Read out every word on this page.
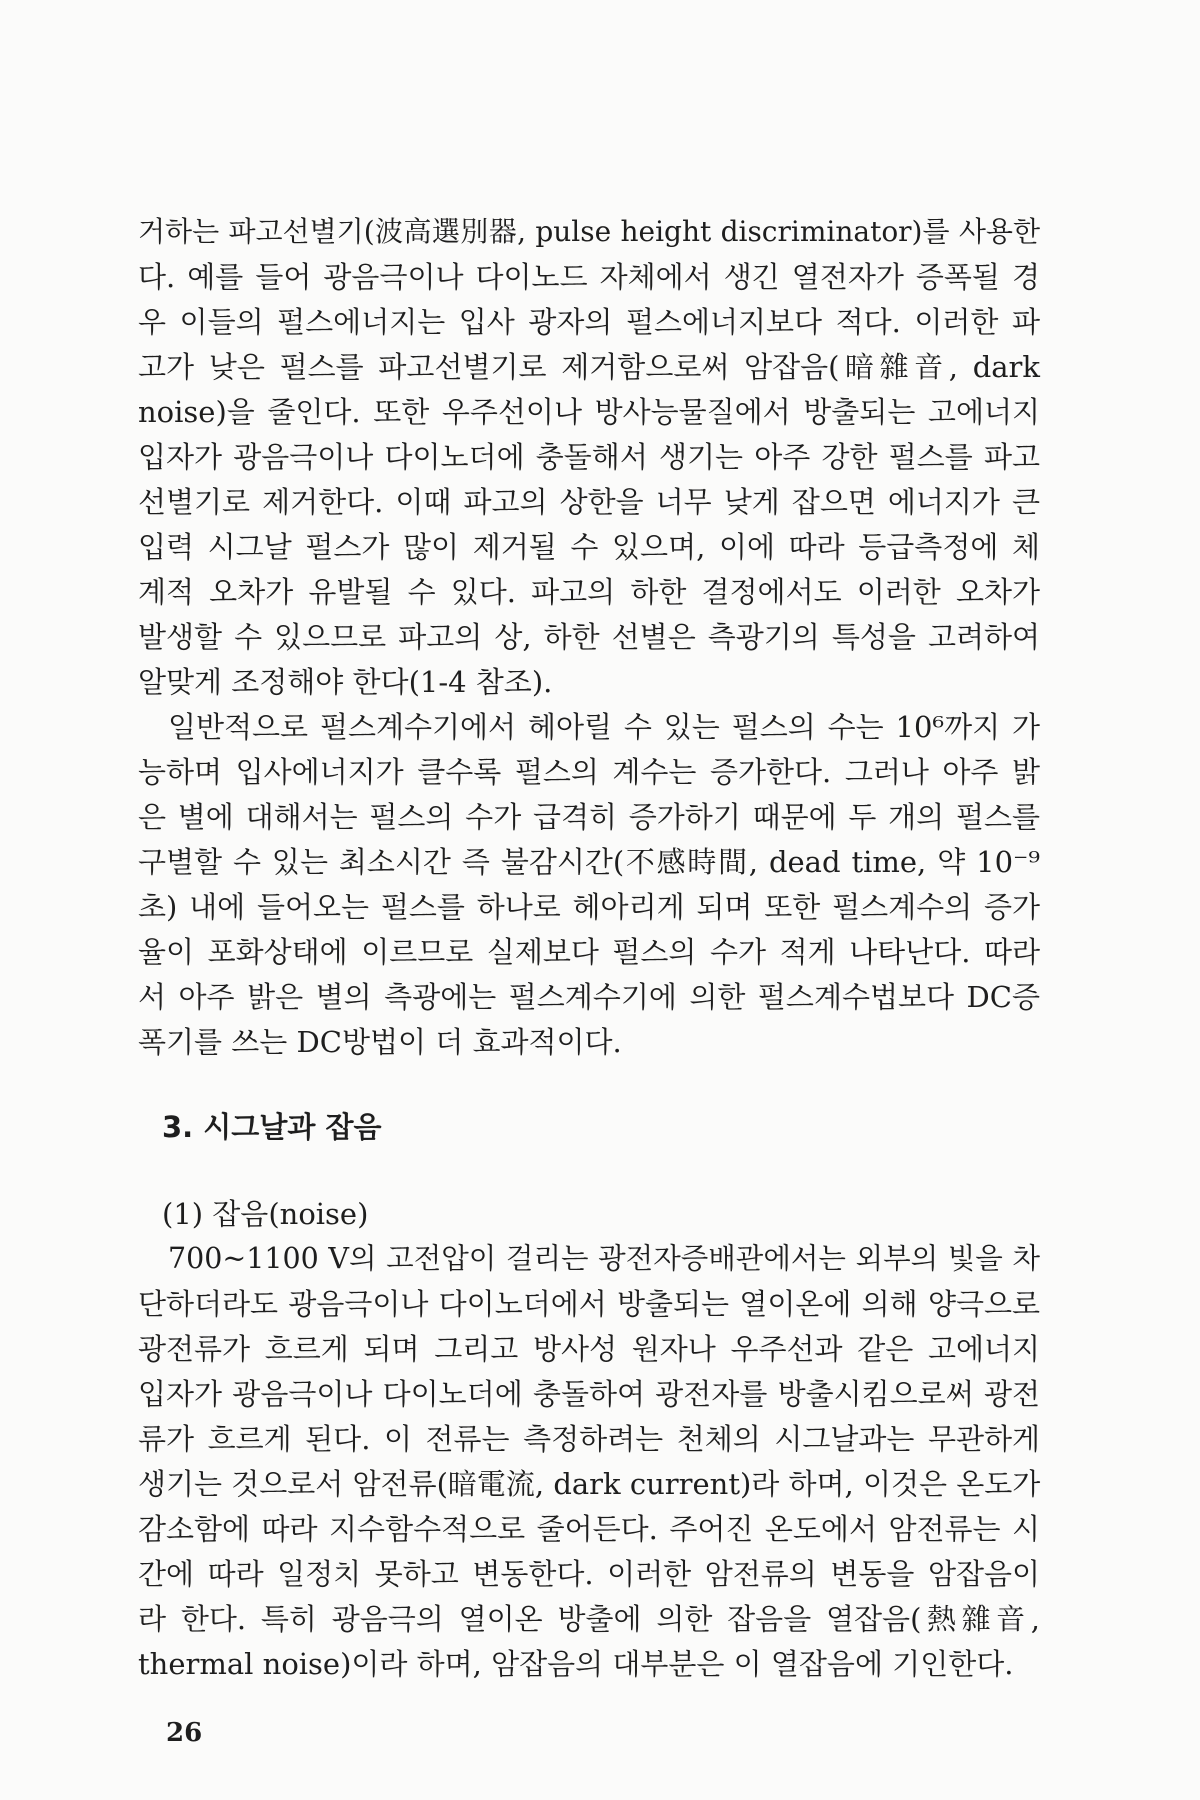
거하는 파고선별기(波高選別器, pulse height discriminator)를 사용한
다. 예를 들어 광음극이나 다이노드 자체에서 생긴 열전자가 증폭될 경
우 이들의 펄스에너지는 입사 광자의 펄스에너지보다 적다. 이러한 파
고가 낮은 펄스를 파고선별기로 제거함으로써 암잡음(暗雜音, dark
noise)을 줄인다. 또한 우주선이나 방사능물질에서 방출되는 고에너지
입자가 광음극이나 다이노더에 충돌해서 생기는 아주 강한 펄스를 파고
선별기로 제거한다. 이때 파고의 상한을 너무 낮게 잡으면 에너지가 큰
입력 시그날 펄스가 많이 제거될 수 있으며, 이에 따라 등급측정에 체
계적 오차가 유발될 수 있다. 파고의 하한 결정에서도 이러한 오차가
발생할 수 있으므로 파고의 상, 하한 선별은 측광기의 특성을 고려하여
알맞게 조정해야 한다(1-4 참조).
일반적으로 펄스계수기에서 헤아릴 수 있는 펄스의 수는 10⁶까지 가
능하며 입사에너지가 클수록 펄스의 계수는 증가한다. 그러나 아주 밝
은 별에 대해서는 펄스의 수가 급격히 증가하기 때문에 두 개의 펄스를
구별할 수 있는 최소시간 즉 불감시간(不感時間, dead time, 약 10⁻⁹
초) 내에 들어오는 펄스를 하나로 헤아리게 되며 또한 펄스계수의 증가
율이 포화상태에 이르므로 실제보다 펄스의 수가 적게 나타난다. 따라
서 아주 밝은 별의 측광에는 펄스계수기에 의한 펄스계수법보다 DC증
폭기를 쓰는 DC방법이 더 효과적이다.
3. 시그날과 잡음
(1) 잡음(noise)
700~1100 V의 고전압이 걸리는 광전자증배관에서는 외부의 빛을 차
단하더라도 광음극이나 다이노더에서 방출되는 열이온에 의해 양극으로
광전류가 흐르게 되며 그리고 방사성 원자나 우주선과 같은 고에너지
입자가 광음극이나 다이노더에 충돌하여 광전자를 방출시킴으로써 광전
류가 흐르게 된다. 이 전류는 측정하려는 천체의 시그날과는 무관하게
생기는 것으로서 암전류(暗電流, dark current)라 하며, 이것은 온도가
감소함에 따라 지수함수적으로 줄어든다. 주어진 온도에서 암전류는 시
간에 따라 일정치 못하고 변동한다. 이러한 암전류의 변동을 암잡음이
라 한다. 특히 광음극의 열이온 방출에 의한 잡음을 열잡음(熱雜音,
thermal noise)이라 하며, 암잡음의 대부분은 이 열잡음에 기인한다.
26
